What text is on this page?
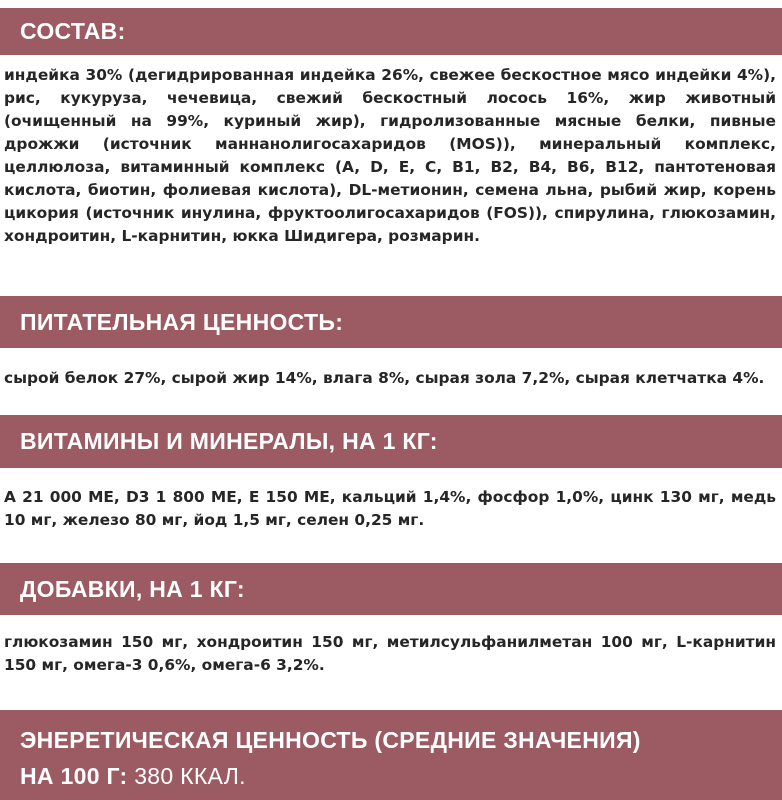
СОСТАВ:
индейка 30% (дегидрированная индейка 26%, свежее бескостное мясо индейки 4%), рис, кукуруза, чечевица, свежий бескостный лосось 16%, жир животный (очищенный на 99%, куриный жир), гидролизованные мясные белки, пивные дрожжи (источник маннанолигосахаридов (MOS)), минеральный комплекс, целлюлоза, витаминный комплекс (A, D, E, C, B1, B2, B4, B6, B12, пантотеновая кислота, биотин, фолиевая кислота), DL-метионин, семена льна, рыбий жир, корень цикория (источник инулина, фруктоолигосахаридов (FOS)), спирулина, глюкозамин, хондроитин, L-карнитин, юкка Шидигера, розмарин.
ПИТАТЕЛЬНАЯ ЦЕННОСТЬ:
сырой белок 27%, сырой жир 14%, влага 8%, сырая зола 7,2%, сырая клетчатка 4%.
ВИТАМИНЫ И МИНЕРАЛЫ, НА 1 КГ:
A 21 000 МЕ, D3 1 800 МЕ, E 150 МЕ, кальций 1,4%, фосфор 1,0%, цинк 130 мг, медь 10 мг, железо 80 мг, йод 1,5 мг, селен 0,25 мг.
ДОБАВКИ, НА 1 КГ:
глюкозамин 150 мг, хондроитин 150 мг, метилсульфанилметан 100 мг, L-карнитин 150 мг, омега-3 0,6%, омега-6 3,2%.
ЭНЕРЕТИЧЕСКАЯ ЦЕННОСТЬ (СРЕДНИЕ ЗНАЧЕНИЯ)
НА 100 Г: 380 ККАЛ.
